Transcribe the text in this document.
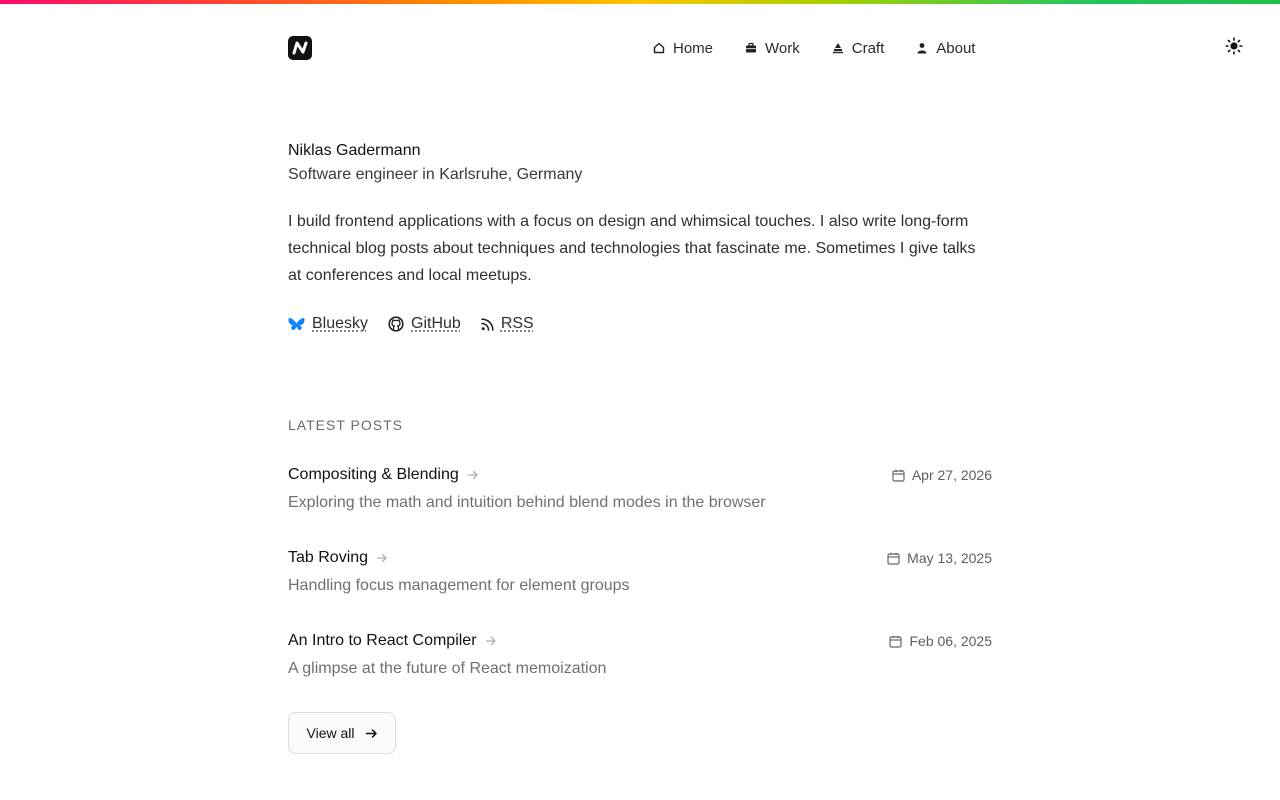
Home	Work	Craft	About
Niklas Gadermann
Software engineer in Karlsruhe, Germany

I build frontend applications with a focus on design and whimsical touches. I also write long-form technical blog posts about techniques and technologies that fascinate me. Sometimes I give talks at conferences and local meetups.

Bluesky	GitHub	RSS
LATEST POSTS
Compositing & Blending
Exploring the math and intuition behind blend modes in the browser
Apr 27, 2026
Tab Roving
Handling focus management for element groups
May 13, 2025
An Intro to React Compiler
A glimpse at the future of React memoization
Feb 06, 2025
View all
